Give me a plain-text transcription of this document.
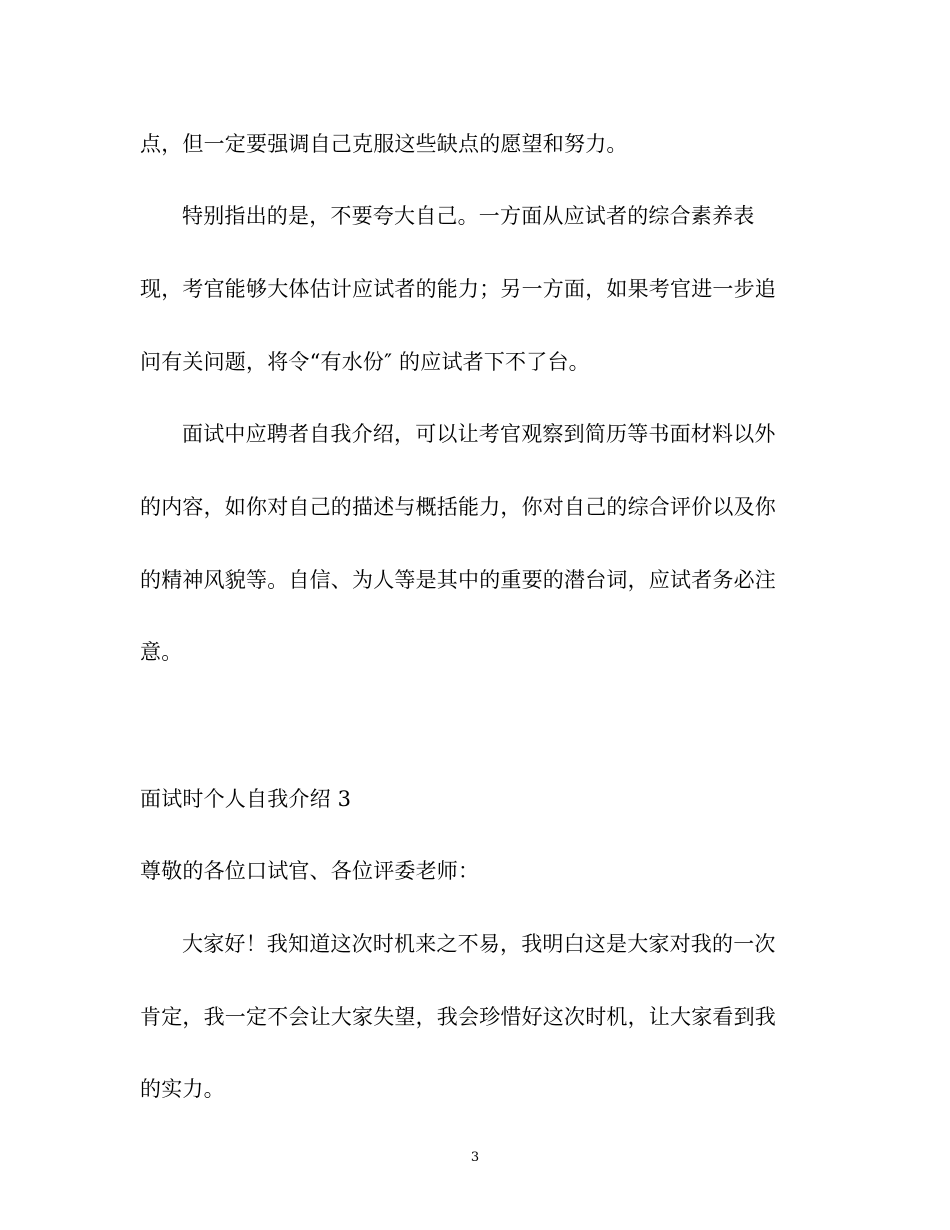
点，但一定要强调自己克服这些缺点的愿望和努力。
特别指出的是，不要夸大自己。一方面从应试者的综合素养表
现，考官能够大体估计应试者的能力；另一方面，如果考官进一步追
问有关问题，将令“有水份″ 的应试者下不了台。
面试中应聘者自我介绍，可以让考官观察到简历等书面材料以外
的内容，如你对自己的描述与概括能力，你对自己的综合评价以及你
的精神风貌等。自信、为人等是其中的重要的潜台词，应试者务必注
意。
面试时个人自我介绍 3
尊敬的各位口试官、各位评委老师：
大家好！我知道这次时机来之不易，我明白这是大家对我的一次
肯定，我一定不会让大家失望，我会珍惜好这次时机，让大家看到我
的实力。
3
